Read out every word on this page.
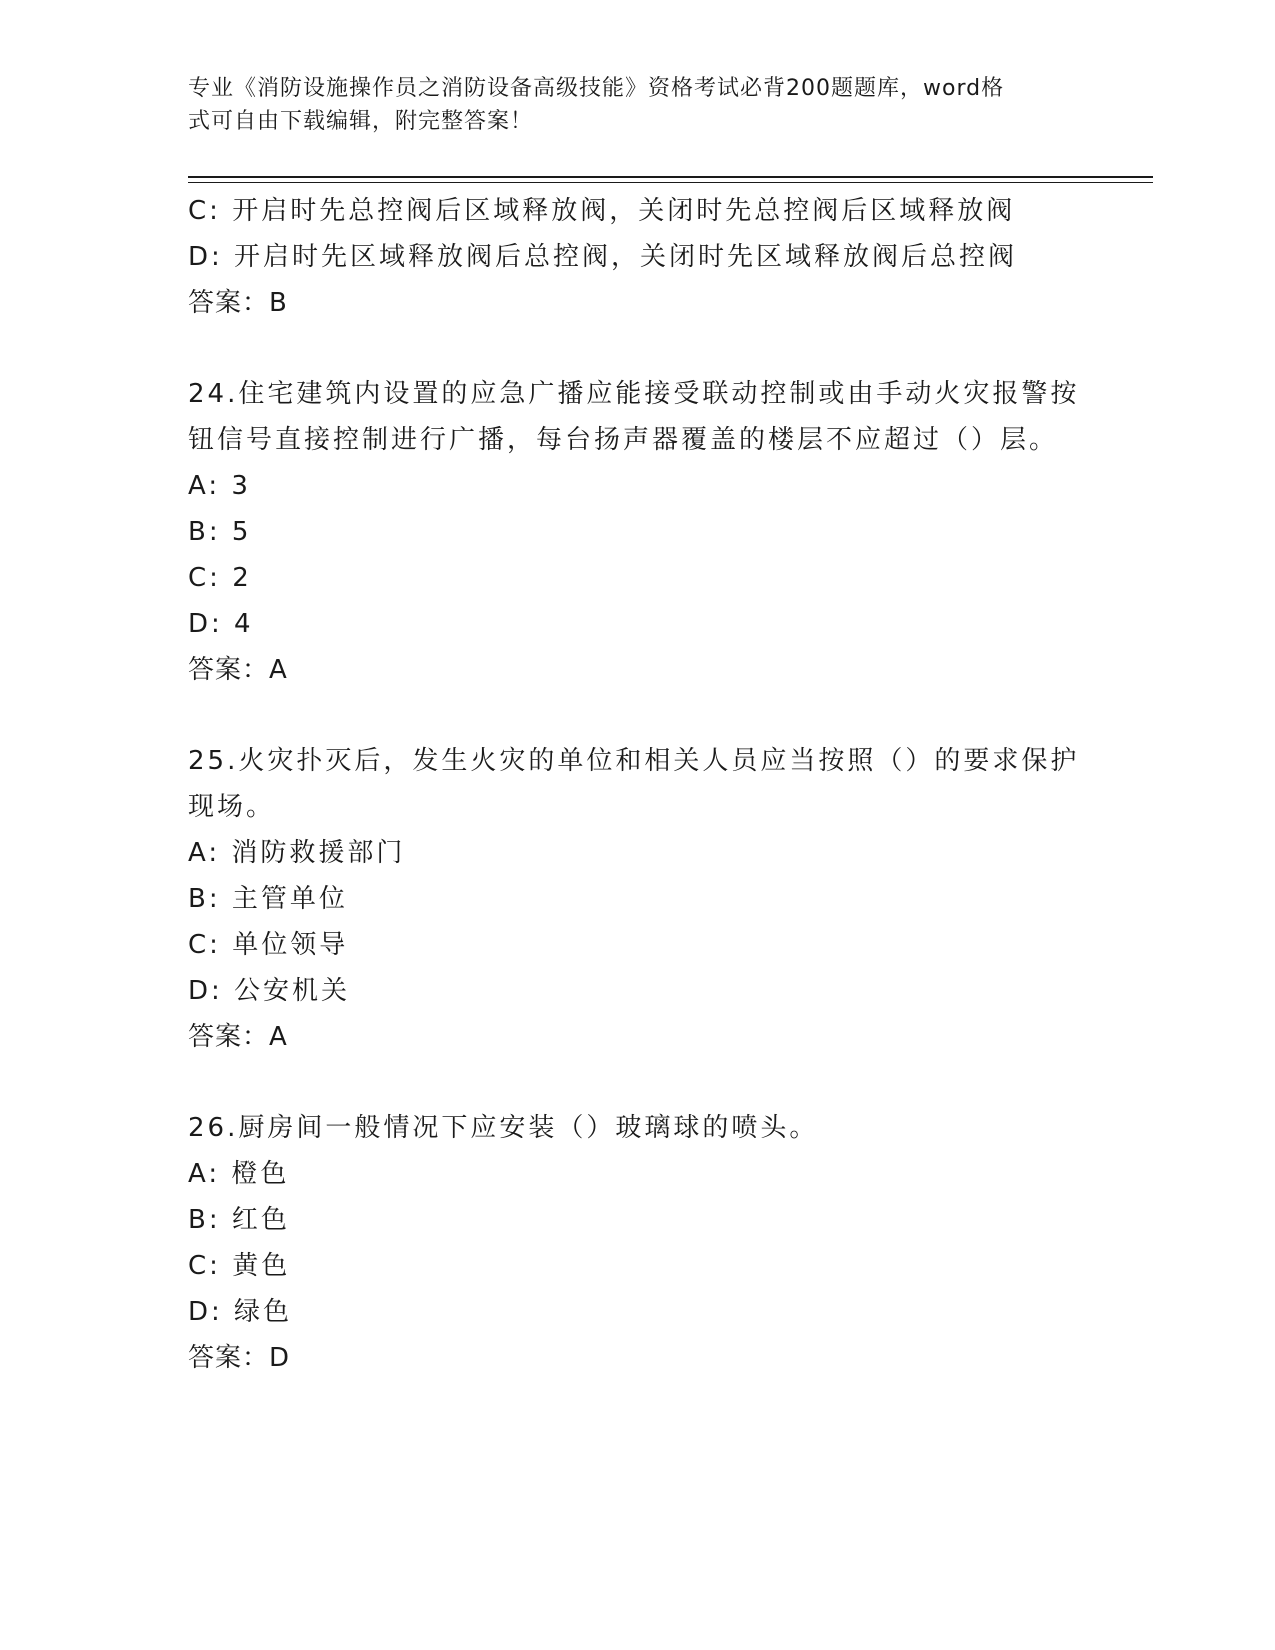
专业《消防设施操作员之消防设备高级技能》资格考试必背200题题库，word格
式可自由下载编辑，附完整答案！
C: 开启时先总控阀后区域释放阀，关闭时先总控阀后区域释放阀
D: 开启时先区域释放阀后总控阀，关闭时先区域释放阀后总控阀
答案：B
24.住宅建筑内设置的应急广播应能接受联动控制或由手动火灾报警按
钮信号直接控制进行广播，每台扬声器覆盖的楼层不应超过（）层。
A: 3
B: 5
C: 2
D: 4
答案：A
25.火灾扑灭后，发生火灾的单位和相关人员应当按照（）的要求保护
现场。
A: 消防救援部门
B: 主管单位
C: 单位领导
D: 公安机关
答案：A
26.厨房间一般情况下应安装（）玻璃球的喷头。
A: 橙色
B: 红色
C: 黄色
D: 绿色
答案：D
